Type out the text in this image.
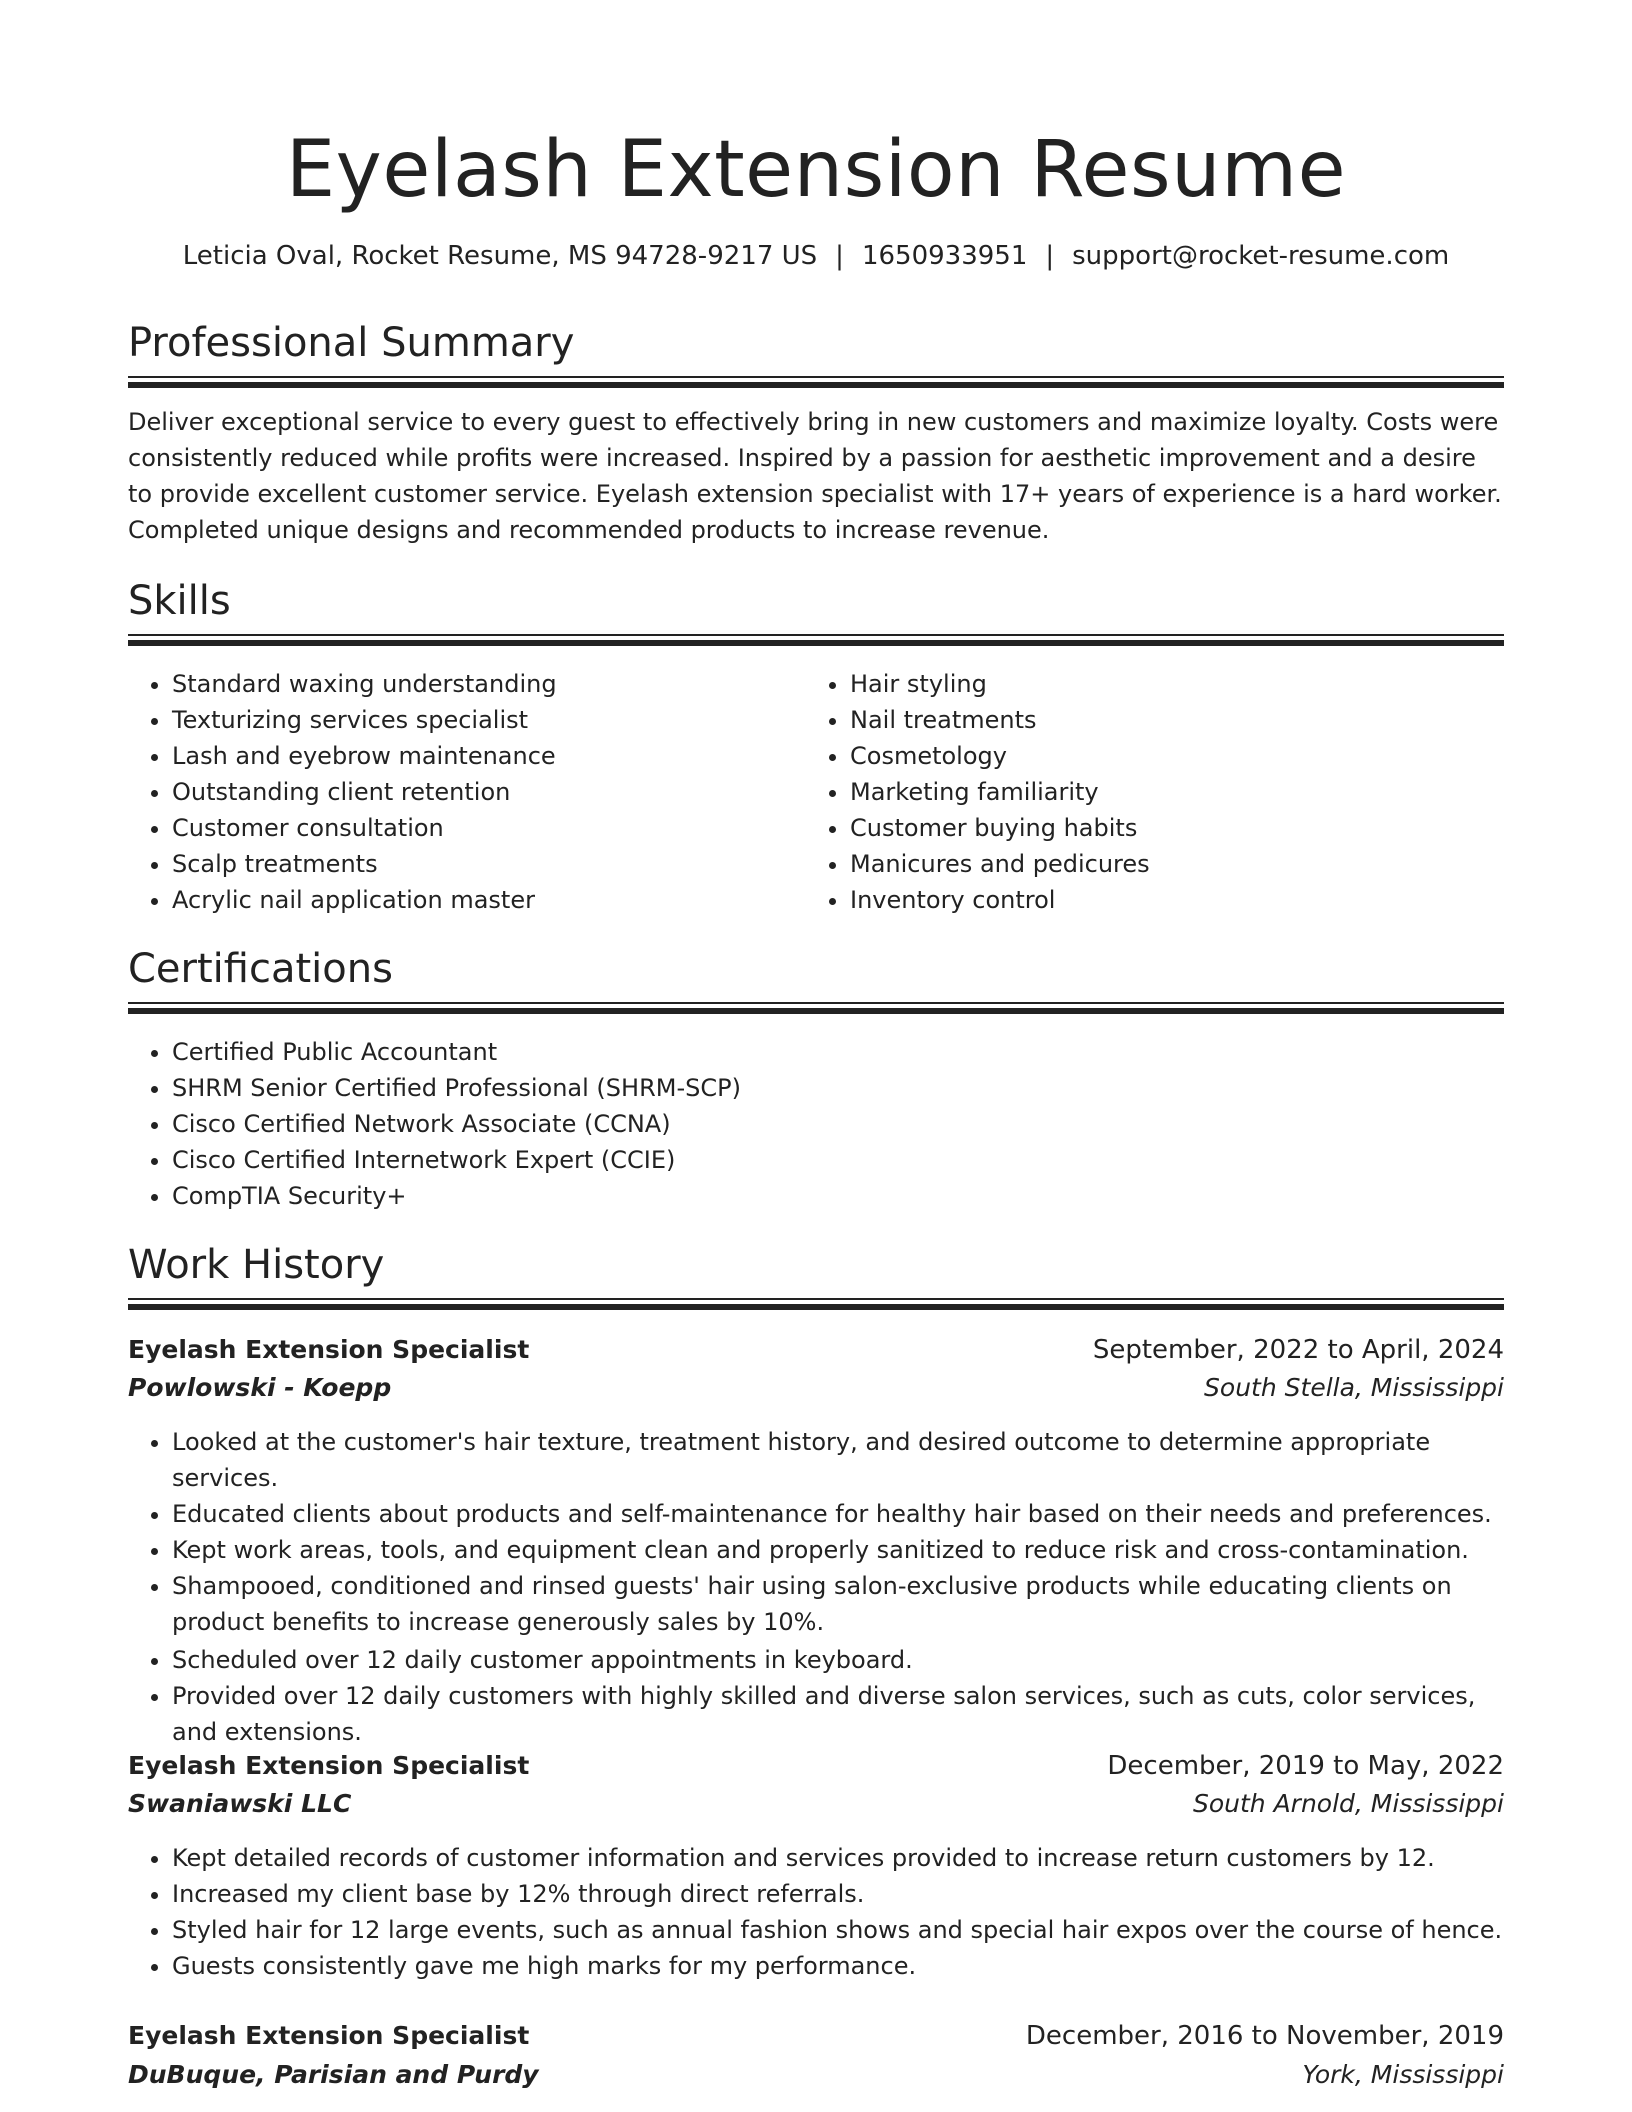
Eyelash Extension Resume
Leticia Oval, Rocket Resume, MS 94728-9217 US | 1650933951 | support@rocket-resume.com
Professional Summary
Deliver exceptional service to every guest to effectively bring in new customers and maximize loyalty. Costs were consistently reduced while profits were increased. Inspired by a passion for aesthetic improvement and a desire to provide excellent customer service. Eyelash extension specialist with 17+ years of experience is a hard worker. Completed unique designs and recommended products to increase revenue.
Skills
• Standard waxing understanding
• Texturizing services specialist
• Lash and eyebrow maintenance
• Outstanding client retention
• Customer consultation
• Scalp treatments
• Acrylic nail application master
• Hair styling
• Nail treatments
• Cosmetology
• Marketing familiarity
• Customer buying habits
• Manicures and pedicures
• Inventory control
Certifications
• Certified Public Accountant
• SHRM Senior Certified Professional (SHRM-SCP)
• Cisco Certified Network Associate (CCNA)
• Cisco Certified Internetwork Expert (CCIE)
• CompTIA Security+
Work History
Eyelash Extension Specialist	September, 2022 to April, 2024
Powlowski - Koepp	South Stella, Mississippi
• Looked at the customer's hair texture, treatment history, and desired outcome to determine appropriate services.
• Educated clients about products and self-maintenance for healthy hair based on their needs and preferences.
• Kept work areas, tools, and equipment clean and properly sanitized to reduce risk and cross-contamination.
• Shampooed, conditioned and rinsed guests' hair using salon-exclusive products while educating clients on product benefits to increase generously sales by 10%.
• Scheduled over 12 daily customer appointments in keyboard.
• Provided over 12 daily customers with highly skilled and diverse salon services, such as cuts, color services, and extensions.
Eyelash Extension Specialist	December, 2019 to May, 2022
Swaniawski LLC	South Arnold, Mississippi
• Kept detailed records of customer information and services provided to increase return customers by 12.
• Increased my client base by 12% through direct referrals.
• Styled hair for 12 large events, such as annual fashion shows and special hair expos over the course of hence.
• Guests consistently gave me high marks for my performance.
Eyelash Extension Specialist	December, 2016 to November, 2019
DuBuque, Parisian and Purdy	York, Mississippi
